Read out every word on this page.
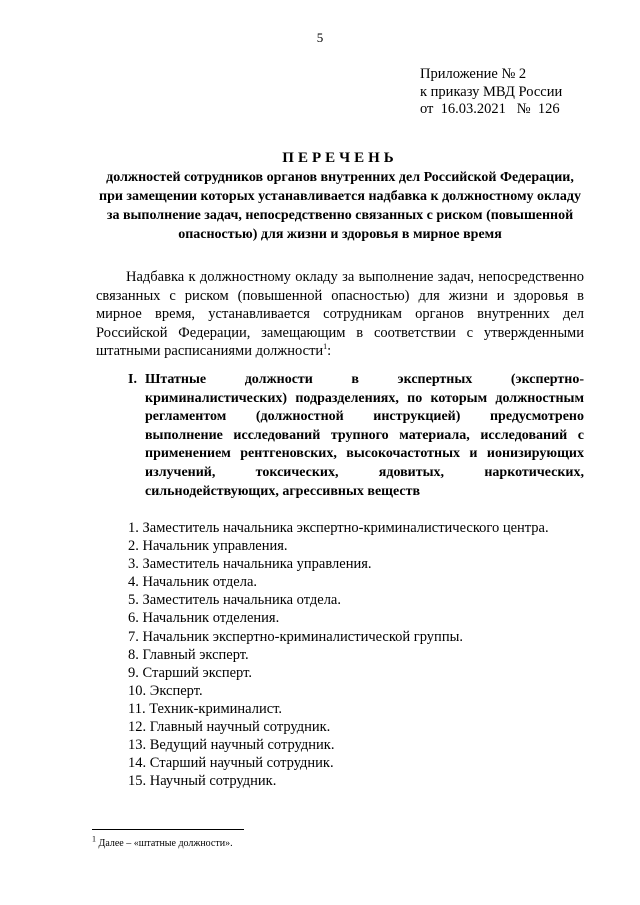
5
Приложение № 2
к приказу МВД России
от  16.03.2021   №  126
ПЕРЕЧЕНЬ
должностей сотрудников органов внутренних дел Российской Федерации, при замещении которых устанавливается надбавка к должностному окладу за выполнение задач, непосредственно связанных с риском (повышенной опасностью) для жизни и здоровья в мирное время
Надбавка к должностному окладу за выполнение задач, непосредственно связанных с риском (повышенной опасностью) для жизни и здоровья в мирное время, устанавливается сотрудникам органов внутренних дел Российской Федерации, замещающим в соответствии с утвержденными штатными расписаниями должности$^1$:
I. Штатные должности в экспертных (экспертно-криминалистических) подразделениях, по которым должностным регламентом (должностной инструкцией) предусмотрено выполнение исследований трупного материала, исследований с применением рентгеновских, высокочастотных и ионизирующих излучений, токсических, ядовитых, наркотических, сильнодействующих, агрессивных веществ
1. Заместитель начальника экспертно-криминалистического центра.
2. Начальник управления.
3. Заместитель начальника управления.
4. Начальник отдела.
5. Заместитель начальника отдела.
6. Начальник отделения.
7. Начальник экспертно-криминалистической группы.
8. Главный эксперт.
9. Старший эксперт.
10. Эксперт.
11. Техник-криминалист.
12. Главный научный сотрудник.
13. Ведущий научный сотрудник.
14. Старший научный сотрудник.
15. Научный сотрудник.
$^1$ Далее – «штатные должности».
